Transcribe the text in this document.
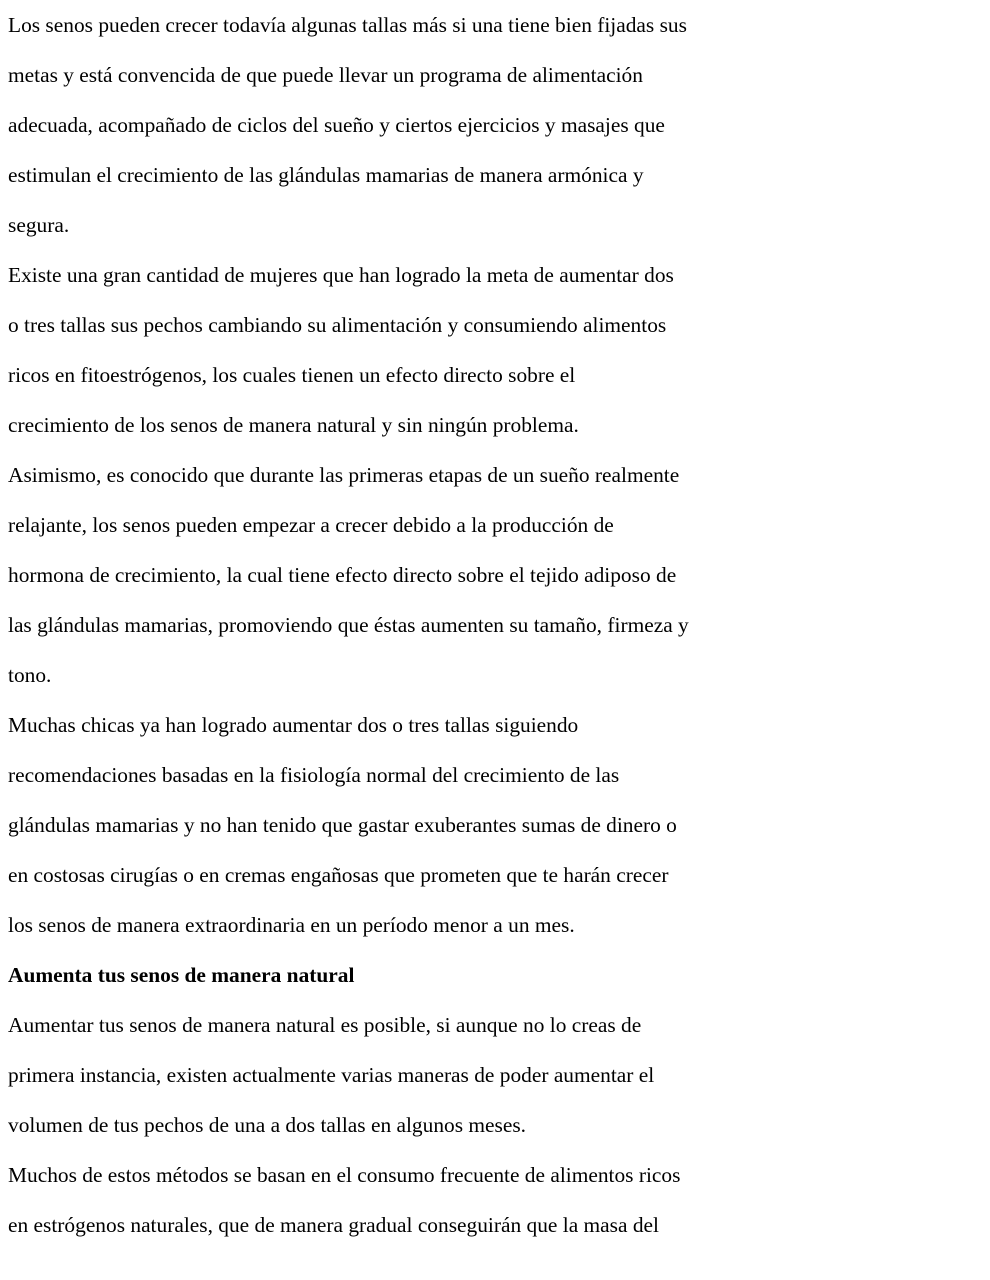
Los senos pueden crecer todavía algunas tallas más si una tiene bien fijadas sus
metas y está convencida de que puede llevar un programa de alimentación
adecuada, acompañado de ciclos del sueño y ciertos ejercicios y masajes que
estimulan el crecimiento de las glándulas mamarias de manera armónica y
segura.
Existe una gran cantidad de mujeres que han logrado la meta de aumentar dos
o tres tallas sus pechos cambiando su alimentación y consumiendo alimentos
ricos en fitoestrógenos, los cuales tienen un efecto directo sobre el
crecimiento de los senos de manera natural y sin ningún problema.
Asimismo, es conocido que durante las primeras etapas de un sueño realmente
relajante, los senos pueden empezar a crecer debido a la producción de
hormona de crecimiento, la cual tiene efecto directo sobre el tejido adiposo de
las glándulas mamarias, promoviendo que éstas aumenten su tamaño, firmeza y
tono.
Muchas chicas ya han logrado aumentar dos o tres tallas siguiendo
recomendaciones basadas en la fisiología normal del crecimiento de las
glándulas mamarias y no han tenido que gastar exuberantes sumas de dinero o
en costosas cirugías o en cremas engañosas que prometen que te harán crecer
los senos de manera extraordinaria en un período menor a un mes.
Aumenta tus senos de manera natural
Aumentar tus senos de manera natural es posible, si aunque no lo creas de
primera instancia, existen actualmente varias maneras de poder aumentar el
volumen de tus pechos de una a dos tallas en algunos meses.
Muchos de estos métodos se basan en el consumo frecuente de alimentos ricos
en estrógenos naturales, que de manera gradual conseguirán que la masa del
